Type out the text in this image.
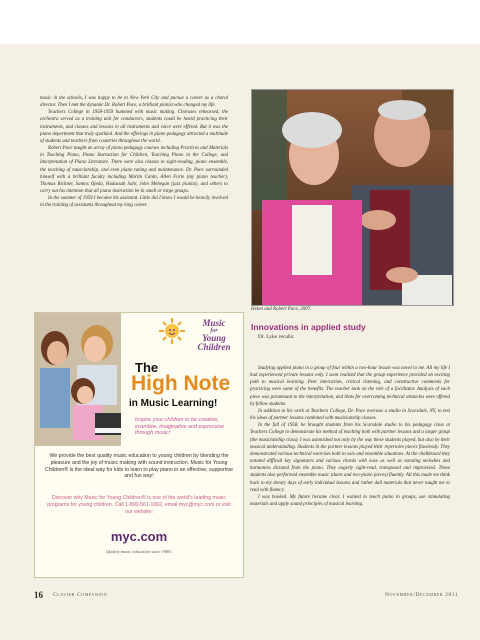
music in the schools, I was happy to be in New York City and pursue a career as a choral director. Then I met the dynamic Dr. Robert Pace, a brilliant pianist who changed my life.

Teachers College in 1958-1959 hummed with music making. Choruses rehearsed, the orchestra served as a training unit for conductors, students could be heard practicing their instruments, and classes and lessons in all instruments and voice were offered. But it was the piano department that truly sparkled. And the offerings in piano pedagogy attracted a multitude of students and teachers from countries throughout the world.

Robert Pace taught an array of piano pedagogy courses including Practices and Materials in Teaching Piano, Piano Instruction for Children, Teaching Piano in the College, and Interpretation of Piano Literature. There were also classes in sight-reading, piano ensemble, the teaching of musicianship, and even piano tuning and maintenance. Dr. Pace surrounded himself with a brilliant faculty including Martin Canin, Allen Forte (my piano teacher), Thomas Richner, Santos Ojeda, Hadassah Sahr, John Mehegan (jazz pianist), and others to carry out his intention that all piano instruction be in small or large groups.

In the summer of 1959 I became his assistant. Little did I know I would be heavily involved in the training of assistants throughout my long career.

Helen and Robert Pace, 2007.
Innovations in applied study
Dr. Lyke recalls:

Studying applied piano in a group of four within a two-hour lesson was novel to me. All my life I had experienced private lessons only. I soon realized that the group experience provided an exciting path to musical learning. Peer interaction, critical listening, and constructive comments for practicing were some of the benefits. The teacher took on the role of a facilitator. Analysis of each piece was paramount to the interpretation, and hints for overcoming technical obstacles were offered by fellow students.

In addition to his work at Teachers College, Dr. Pace oversaw a studio in Scarsdale, NY, to test his ideas of partner lessons combined with musicianship classes.

In the fall of 1958, he brought students from his Scarsdale studio to his pedagogy class at Teachers College to demonstrate his method of teaching both with partner lessons and a larger group (the musicianship class). I was astonished not only by the way these students played, but also by their musical understanding. Students in the partner lessons played their repertoire pieces flawlessly. They demonstrated various technical exercises both in solo and ensemble situations. At the chalkboard they notated difficult key signatures and various chords with ease as well as notating melodies and harmonies dictated from the piano. They eagerly sight-read, transposed and improvised. These students also performed ensemble music (duets and two-piano pieces) fluently. All this made me think back to my dreary days of early individual lessons and rather dull materials that never taught me to read with fluency.

I was hooked. My future became clear. I wanted to teach piano in groups, use stimulating materials and apply sound principles of musical learning.

Music
for
Young
Children
The
High Note
in Music Learning!
Inspire your children to be creative, inventive, imaginative and expressive through music!
We provide the best quality music education to young children by blending the pleasure and the joy of music making with sound instruction. Music for Young Children® is the ideal way for kids to learn to play piano in an effective, supportive and fun way!
Discover why Music for Young Children® is one of the world's leading music programs for young children. Call 1-800-561-1062, email myc@myc.com or visit our website:
myc.com
Quality music education since 1980.
16 Clavier Companion	November/December 2011
